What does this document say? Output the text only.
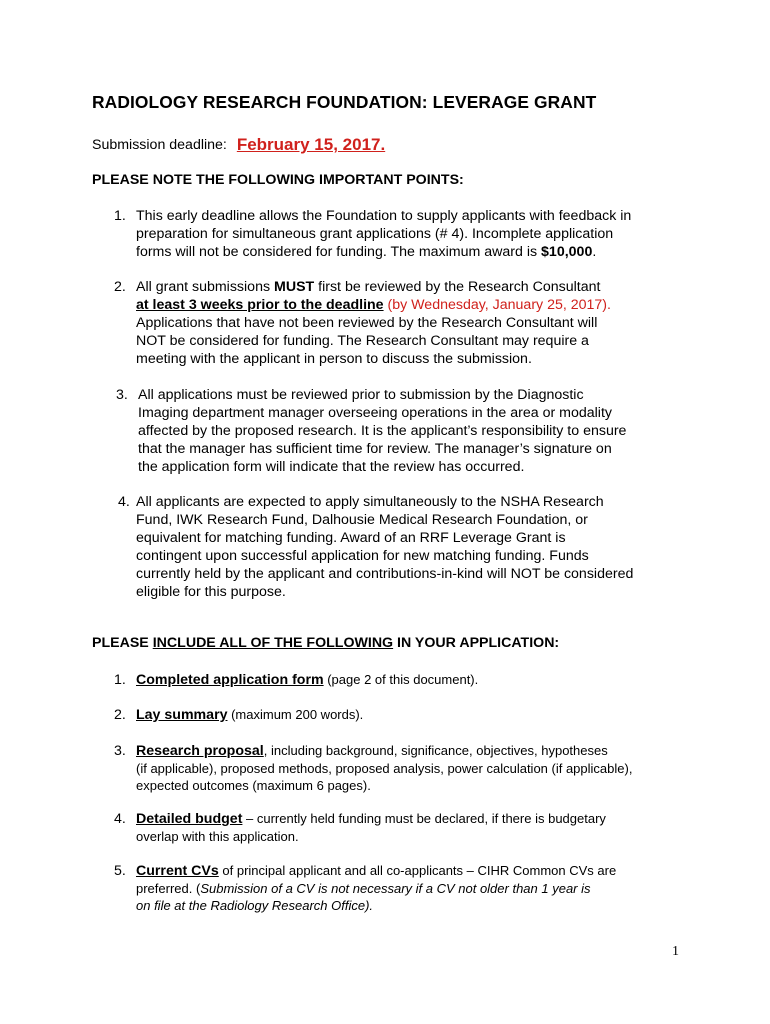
RADIOLOGY RESEARCH FOUNDATION: LEVERAGE GRANT
Submission deadline: February 15, 2017.
PLEASE NOTE THE FOLLOWING IMPORTANT POINTS:
1. This early deadline allows the Foundation to supply applicants with feedback in
preparation for simultaneous grant applications (# 4). Incomplete application
forms will not be considered for funding. The maximum award is $10,000.
2. All grant submissions MUST first be reviewed by the Research Consultant
at least 3 weeks prior to the deadline (by Wednesday, January 25, 2017).
Applications that have not been reviewed by the Research Consultant will
NOT be considered for funding. The Research Consultant may require a
meeting with the applicant in person to discuss the submission.
3. All applications must be reviewed prior to submission by the Diagnostic
Imaging department manager overseeing operations in the area or modality
affected by the proposed research. It is the applicant’s responsibility to ensure
that the manager has sufficient time for review. The manager’s signature on
the application form will indicate that the review has occurred.
4. All applicants are expected to apply simultaneously to the NSHA Research
Fund, IWK Research Fund, Dalhousie Medical Research Foundation, or
equivalent for matching funding. Award of an RRF Leverage Grant is
contingent upon successful application for new matching funding. Funds
currently held by the applicant and contributions-in-kind will NOT be considered
eligible for this purpose.
PLEASE INCLUDE ALL OF THE FOLLOWING IN YOUR APPLICATION:
1. Completed application form (page 2 of this document).
2. Lay summary (maximum 200 words).
3. Research proposal, including background, significance, objectives, hypotheses
(if applicable), proposed methods, proposed analysis, power calculation (if applicable),
expected outcomes (maximum 6 pages).
4. Detailed budget – currently held funding must be declared, if there is budgetary
overlap with this application.
5. Current CVs of principal applicant and all co-applicants – CIHR Common CVs are
preferred. (Submission of a CV is not necessary if a CV not older than 1 year is
on file at the Radiology Research Office).
1
